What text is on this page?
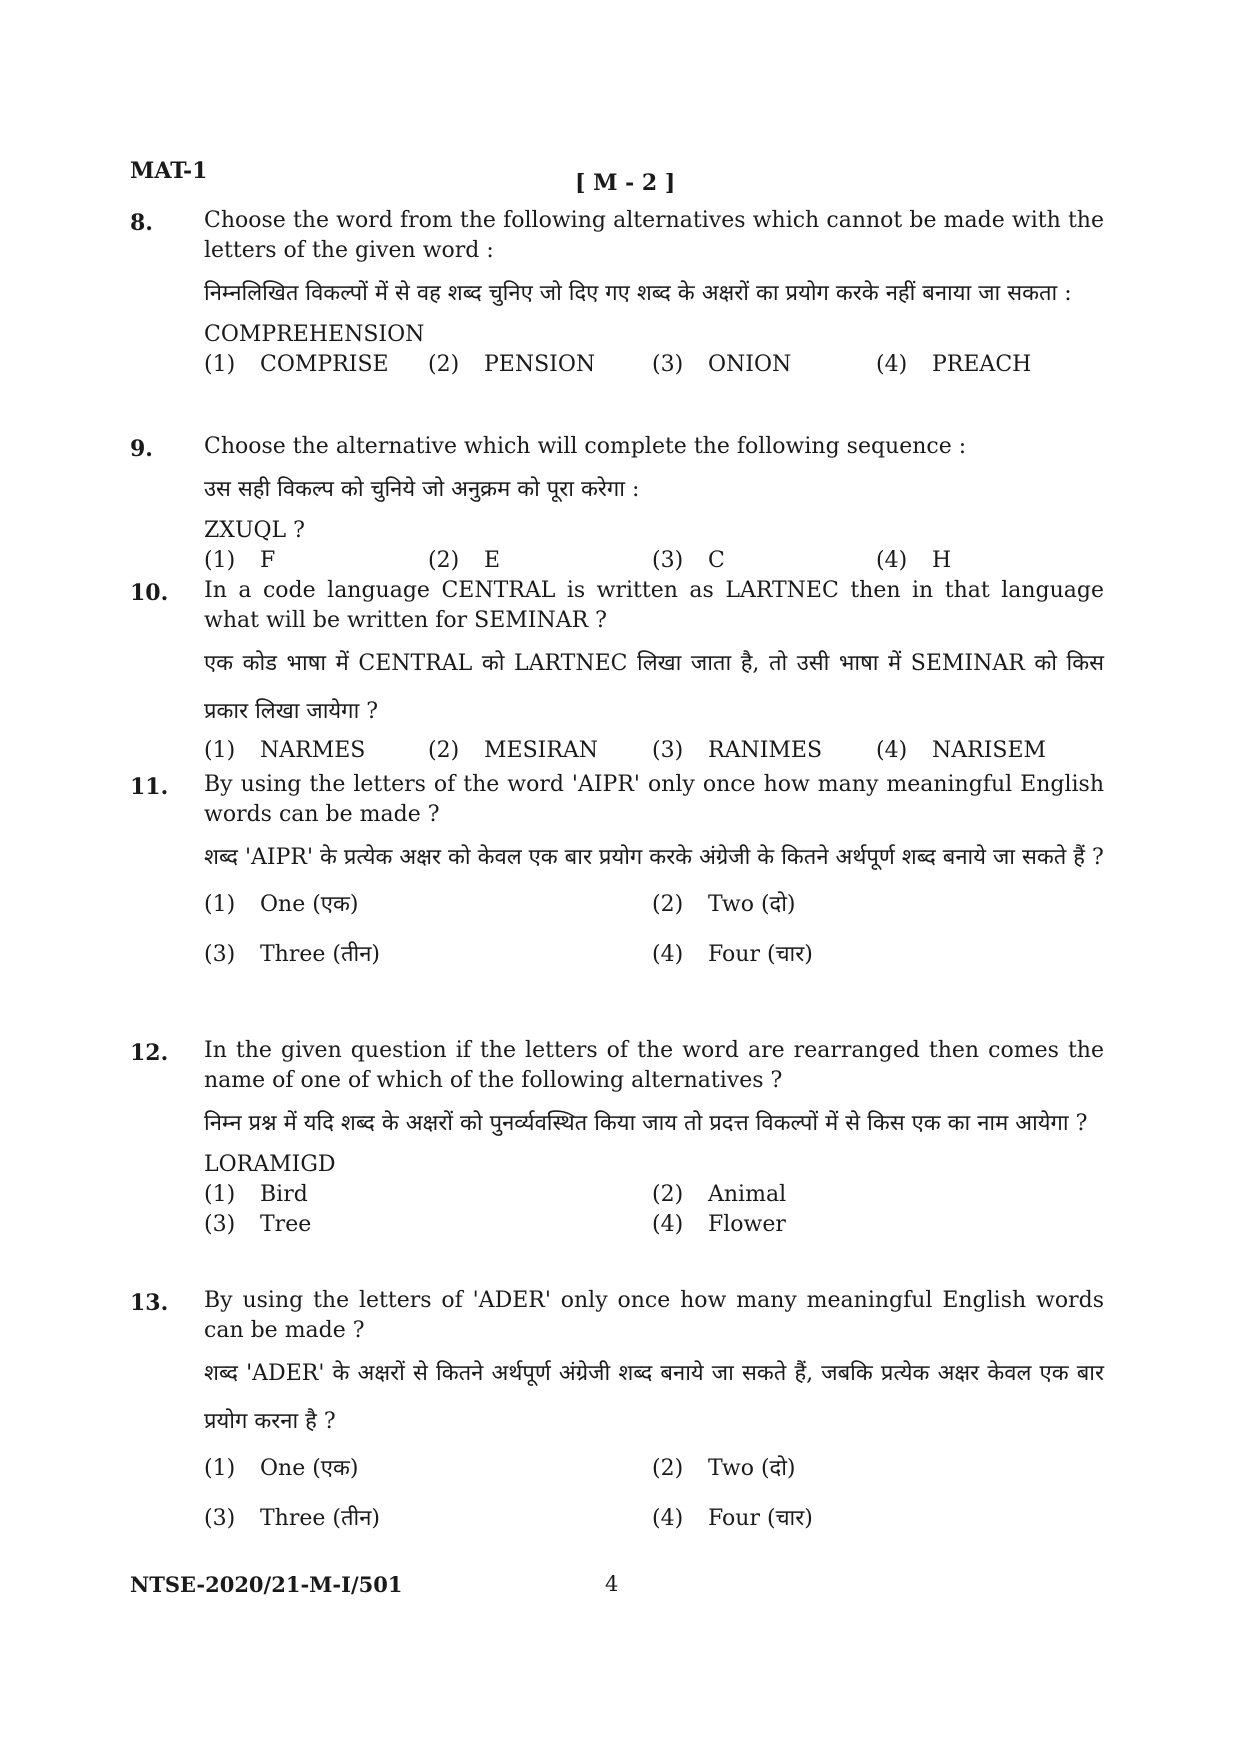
MAT-1	[ M - 2 ]
8. Choose the word from the following alternatives which cannot be made with the letters of the given word :
निम्नलिखित विकल्पों में से वह शब्द चुनिए जो दिए गए शब्द के अक्षरों का प्रयोग करके नहीं बनाया जा सकता :
COMPREHENSION
(1) COMPRISE (2) PENSION	(3) ONION	(4) PREACH
9. Choose the alternative which will complete the following sequence :
उस सही विकल्प को चुनिये जो अनुक्रम को पूरा करेगा :
ZXUQL ?
(1) F	(2) E	(3) C	(4) H
10. In a code language CENTRAL is written as LARTNEC then in that language what will be written for SEMINAR ?
एक कोड भाषा में CENTRAL को LARTNEC लिखा जाता है, तो उसी भाषा में SEMINAR को किस प्रकार लिखा जायेगा ?
(1) NARMES	(2) MESIRAN (3) RANIMES (4) NARISEM
11. By using the letters of the word 'AIPR' only once how many meaningful English words can be made ?
शब्द 'AIPR' के प्रत्येक अक्षर को केवल एक बार प्रयोग करके अंग्रेजी के कितने अर्थपूर्ण शब्द बनाये जा सकते हैं ?
(1) One (एक)	(2) Two (दो)
(3) Three (तीन)	(4) Four (चार)
12. In the given question if the letters of the word are rearranged then comes the name of one of which of the following alternatives ?
निम्न प्रश्न में यदि शब्द के अक्षरों को पुनर्व्यवस्थित किया जाय तो प्रदत्त विकल्पों में से किस एक का नाम आयेगा ?
LORAMIGD
(1) Bird	(2) Animal
(3) Tree	(4) Flower
13. By using the letters of 'ADER' only once how many meaningful English words can be made ?
शब्द 'ADER' के अक्षरों से कितने अर्थपूर्ण अंग्रेजी शब्द बनाये जा सकते हैं, जबकि प्रत्येक अक्षर केवल एक बार प्रयोग करना है ?
(1) One (एक)	(2) Two (दो)
(3) Three (तीन)	(4) Four (चार)
NTSE-2020/21-M-I/501	4
